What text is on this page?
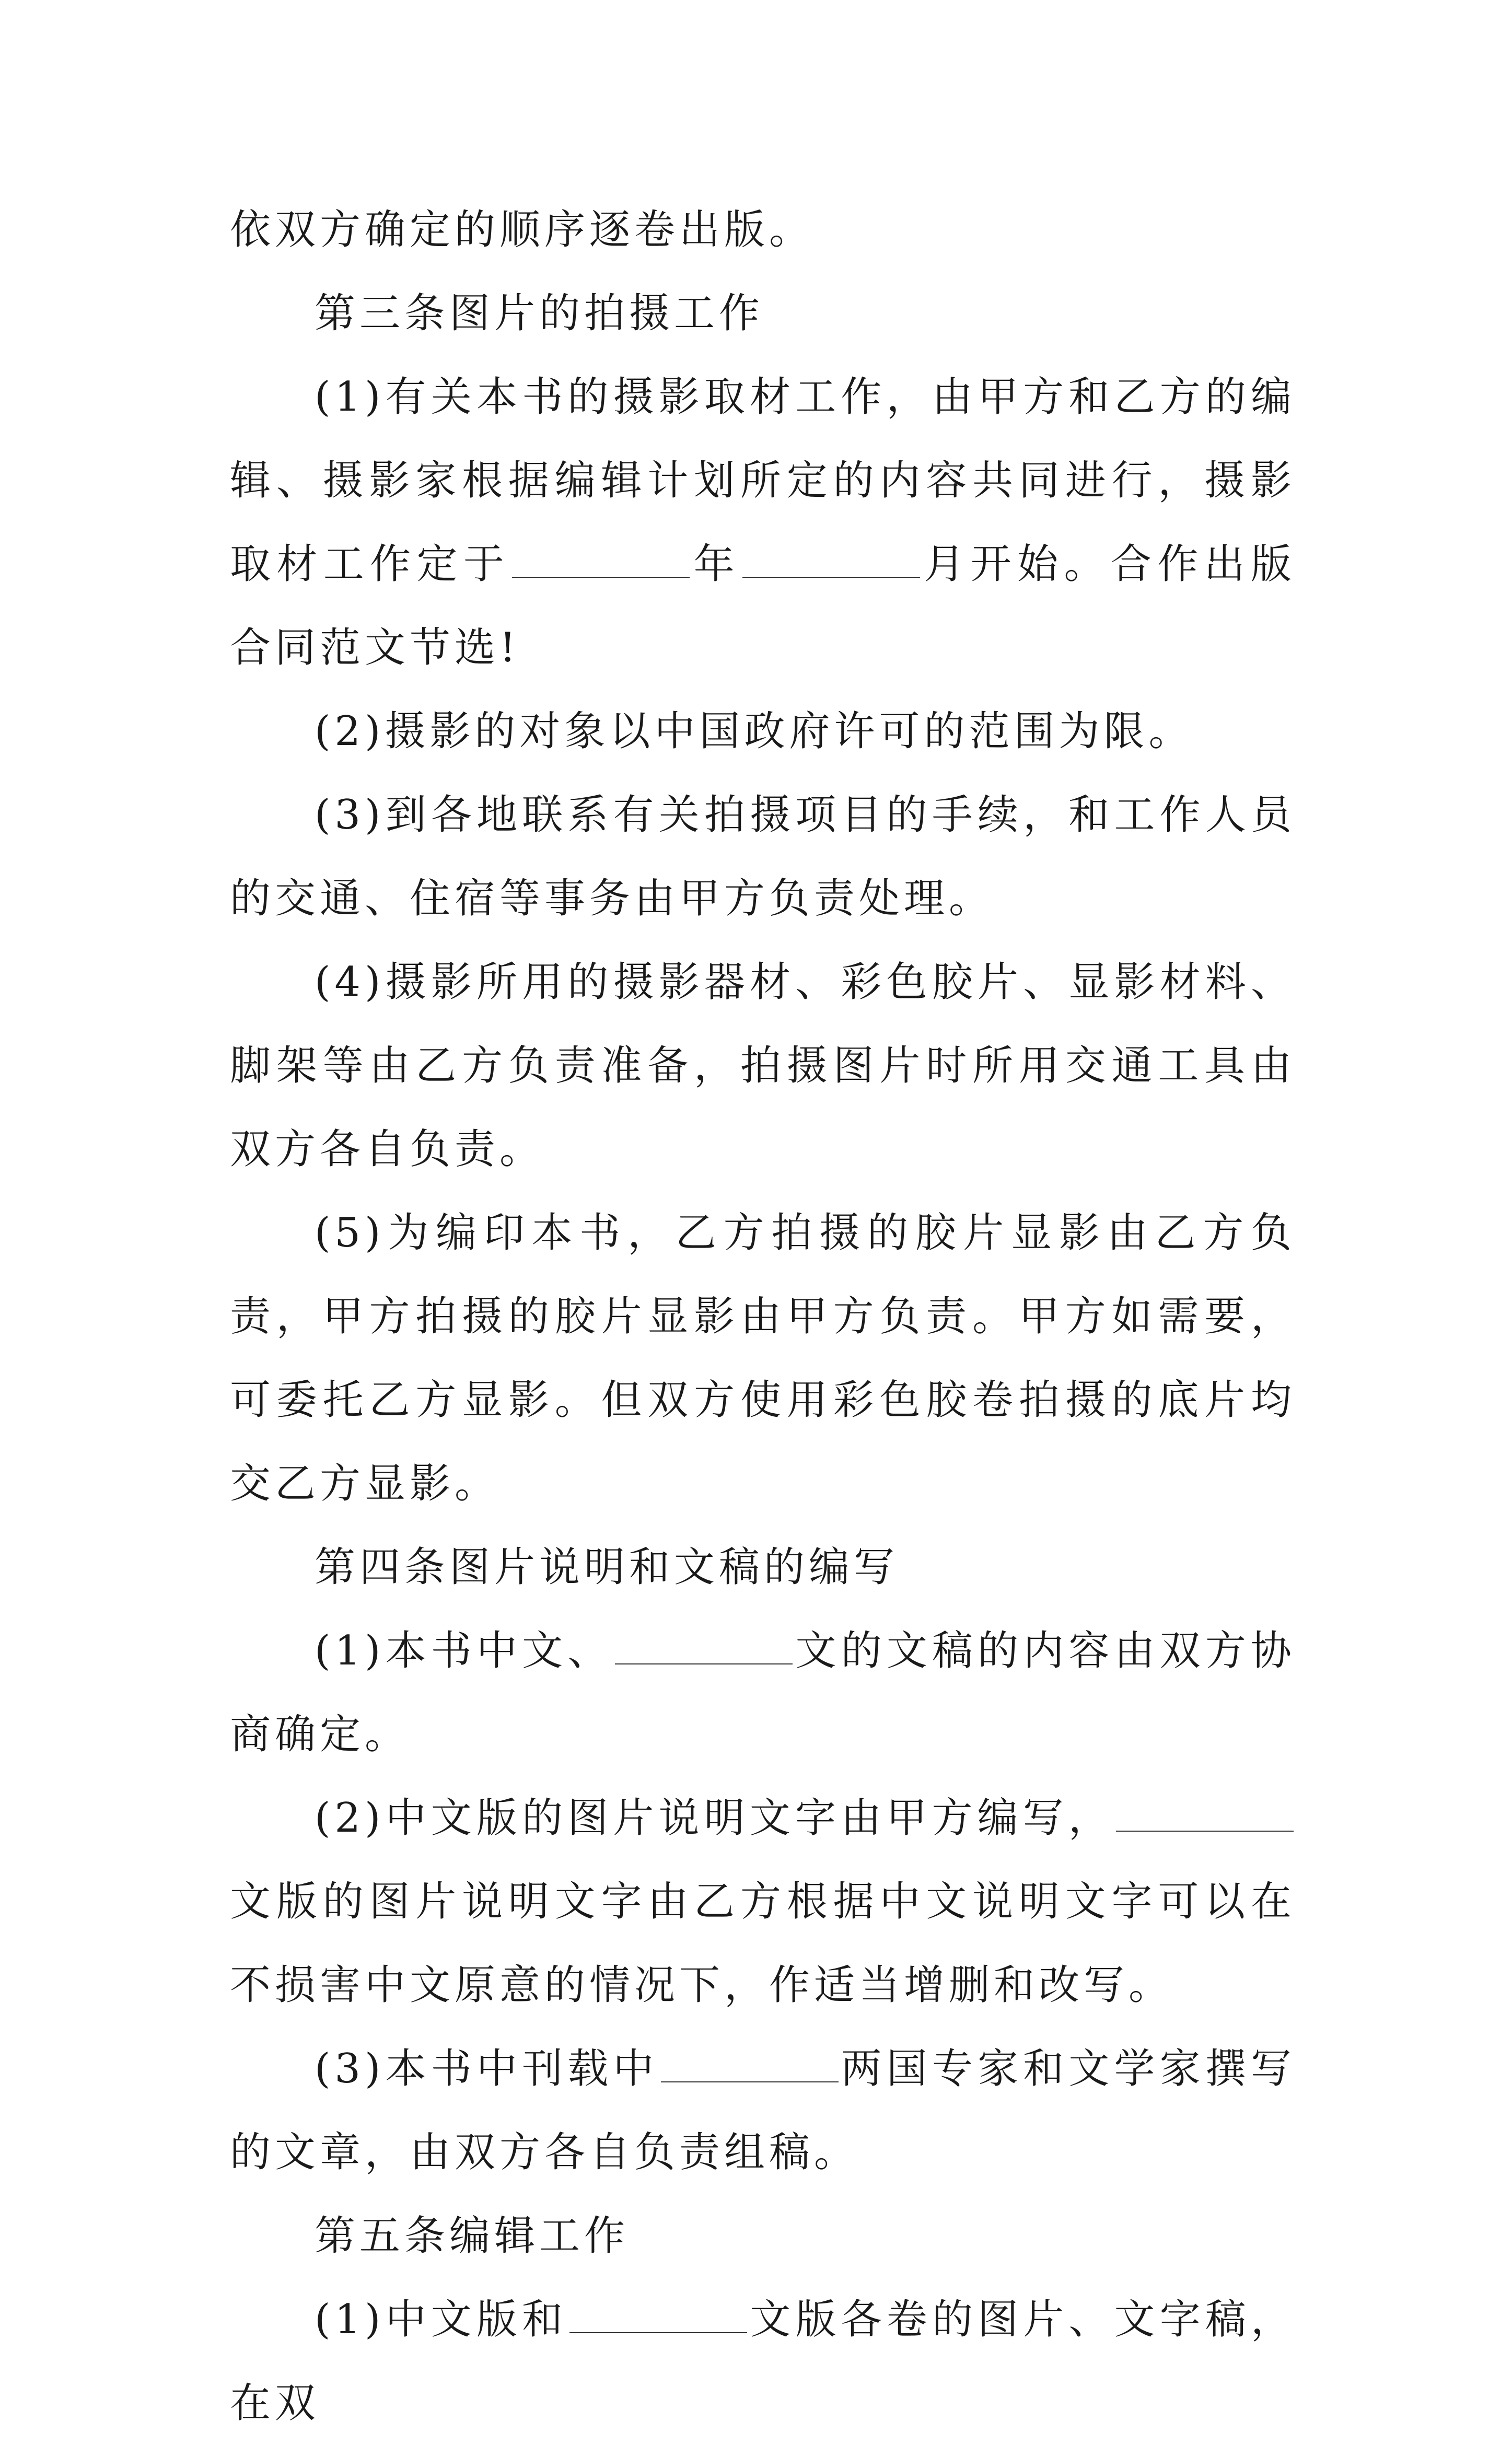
依双方确定的顺序逐卷出版。

第三条图片的拍摄工作

(1)有关本书的摄影取材工作，由甲方和乙方的编辑、摄影家根据编辑计划所定的内容共同进行，摄影取材工作定于	年	月开始。合作出版合同范文节选!

(2)摄影的对象以中国政府许可的范围为限。

(3)到各地联系有关拍摄项目的手续，和工作人员的交通、住宿等事务由甲方负责处理。

(4)摄影所用的摄影器材、彩色胶片、显影材料、脚架等由乙方负责准备，拍摄图片时所用交通工具由双方各自负责。

(5)为编印本书，乙方拍摄的胶片显影由乙方负责，甲方拍摄的胶片显影由甲方负责。甲方如需要，可委托乙方显影。但双方使用彩色胶卷拍摄的底片均交乙方显影。

第四条图片说明和文稿的编写

(1)本书中文、	文的文稿的内容由双方协商确定。

(2)中文版的图片说明文字由甲方编写，文版的图片说明文字由乙方根据中文说明文字可以在不损害中文原意的情况下，作适当增删和改写。

(3)本书中刊载中	两国专家和文学家撰写的文章，由双方各自负责组稿。

第五条编辑工作

(1)中文版和	文版各卷的图片、文字稿，在双
